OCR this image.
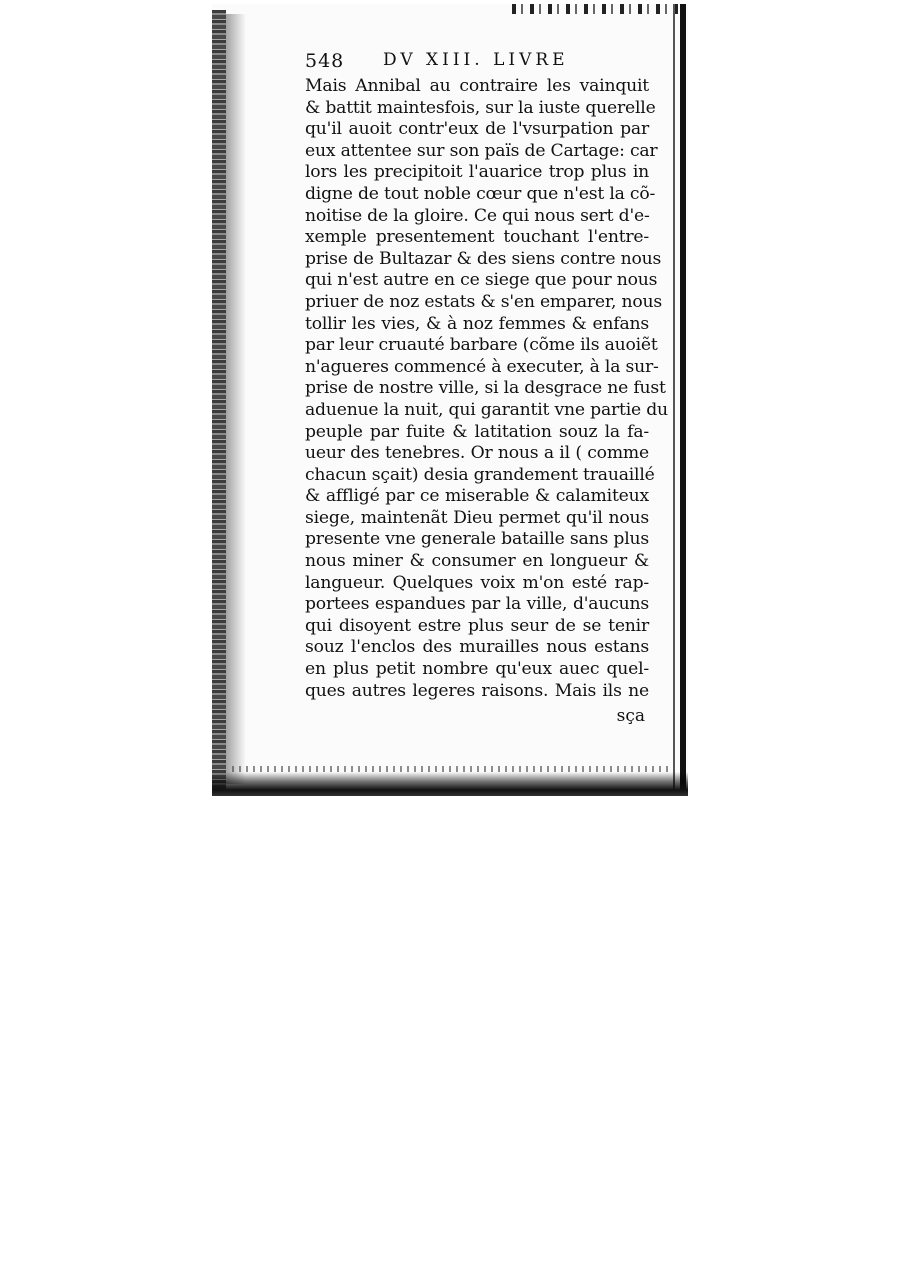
548 DV XIII. LIVRE
Mais Annibal au contraire les vainquit
& battit maintesfois, sur la iuste querelle
qu'il auoit contr'eux de l'vsurpation par
eux attentee sur son païs de Cartage: car
lors les precipitoit l'auarice trop plus in
digne de tout noble cœur que n'est la cõ-
noitise de la gloire. Ce qui nous sert d'e-
xemple presentement touchant l'entre-
prise de Bultazar & des siens contre nous
qui n'est autre en ce siege que pour nous
priuer de noz estats & s'en emparer, nous
tollir les vies, & à noz femmes & enfans
par leur cruauté barbare (cõme ils auoiẽt
n'agueres commencé à executer, à la sur-
prise de nostre ville, si la desgrace ne fust
aduenue la nuit, qui garantit vne partie du
peuple par fuite & latitation souz la fa-
ueur des tenebres. Or nous a il ( comme
chacun sçait) desia grandement trauaillé
& affligé par ce miserable & calamiteux
siege, maintenãt Dieu permet qu'il nous
presente vne generale bataille sans plus
nous miner & consumer en longueur &
langueur. Quelques voix m'on esté rap-
portees espandues par la ville, d'aucuns
qui disoyent estre plus seur de se tenir
souz l'enclos des murailles nous estans
en plus petit nombre qu'eux auec quel-
ques autres legeres raisons. Mais ils ne
sça
